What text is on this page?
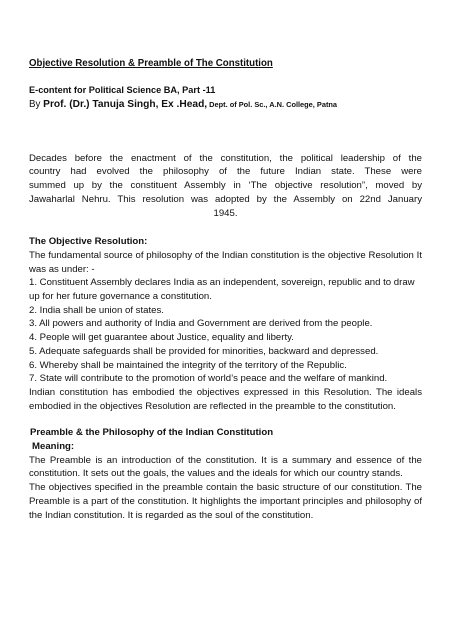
Objective Resolution & Preamble of The Constitution

E-content for Political Science BA, Part -11

By Prof. (Dr.) Tanuja Singh, Ex .Head, Dept. of Pol. Sc., A.N. College, Patna

Decades before the enactment of the constitution, the political leadership of the
country had evolved the philosophy of the future Indian state. These were
summed up by the constituent Assembly in ‘The objective resolution”, moved by
Jawaharlal Nehru. This resolution was adopted by the Assembly on 22nd January
1945.

The Objective Resolution:

The fundamental source of philosophy of the Indian constitution is the objective Resolution It was as under: -

1. Constituent Assembly declares India as an independent, sovereign, republic and to draw up for her future governance a constitution.

2. India shall be union of states.

3. All powers and authority of India and Government are derived from the people.

4. People will get guarantee about Justice, equality and liberty.

5. Adequate safeguards shall be provided for minorities, backward and depressed.

6. Whereby shall be maintained the integrity of the territory of the Republic.

7. State will contribute to the promotion of world’s peace and the welfare of mankind.

Indian constitution has embodied the objectives expressed in this Resolution. The ideals embodied in the objectives Resolution are reflected in the preamble to the constitution.

Preamble & the Philosophy of the Indian Constitution

Meaning:

The Preamble is an introduction of the constitution. It is a summary and essence of the constitution. It sets out the goals, the values and the ideals for which our country stands.

The objectives specified in the preamble contain the basic structure of our constitution. The Preamble is a part of the constitution. It highlights the important principles and philosophy of the Indian constitution. It is regarded as the soul of the constitution.
